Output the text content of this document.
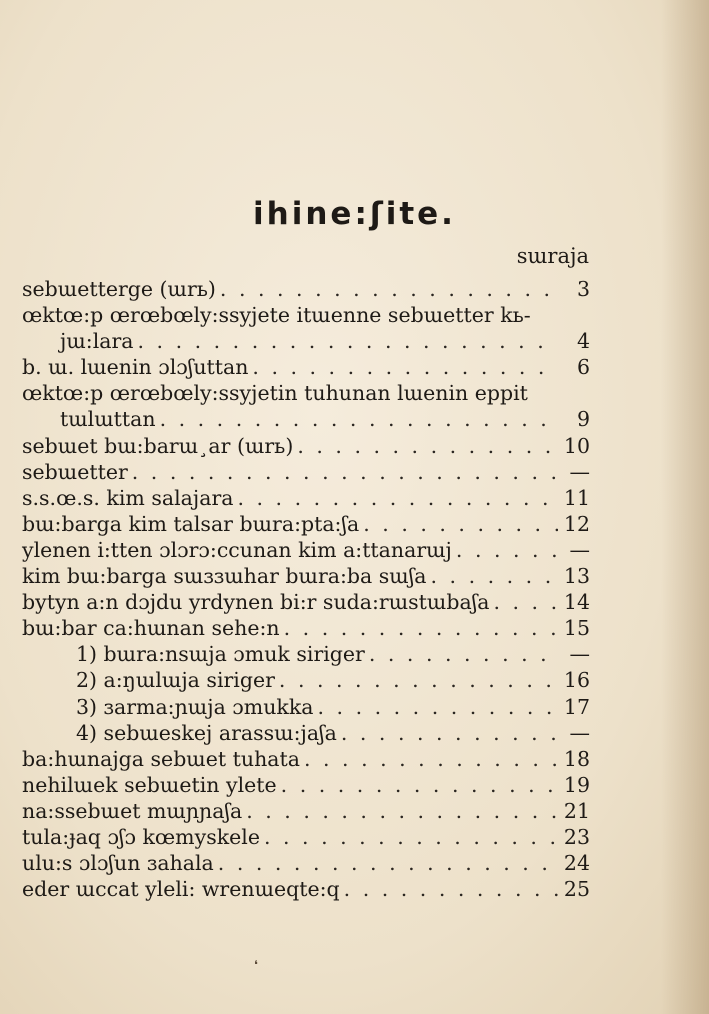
ihine:ʃite.
sɯraja
sebɯetterge (ɯrь) . . .	3
œktœ:p œrœbœly:ssyjete itɯenne sebɯetter kь-
jɯ:lara . . .	4
b. ɯ. lɯenin ɔlɔʃuttan . . .	6
œktœ:p œrœbœly:ssyjetin tuhunan lɯenin eppit
tɯlɯttan . . .	9
sebɯet bɯ:barɯ¸ar (ɯrь) . . .	10
sebɯetter . . .	—
s.s.œ.s. kim salajara . . .	11
bɯ:barga kim talsar bɯra:pta:ʃa . . .	12
ylenen i:tten ɔlɔrɔ:ccunan kim a:ttanarɯj . . .	—
kim bɯ:barga sɯɜɜɯhar bɯra:ba sɯʃa . . .	13
bytyn a:n dɔjdu yrdynen bi:r suda:rɯstɯbaʃa . . .	14
bɯ:bar ca:hɯnan sehe:n . . .	15
1) bɯra:nsɯja ɔmuk siriger . . .	—
2) a:ŋɯlɯja siriger . . .	16
3) ɜarma:ɲɯja ɔmukka . . .	17
4) sebɯeskej arassɯ:jaʃa . . .	—
ba:hɯnajga sebɯet tuhata . . .	18
nehilɯek sebɯetin ylete . . .	19
na:ssebɯet mɯɲɲaʃa . . .	21
tula:ɟaq ɔʃɔ kœmyskele . . .	23
ulu:s ɔlɔʃun ɜahala . . .	24
eder ɯccat yleli: wrenɯeqte:q . . .	25
❛
